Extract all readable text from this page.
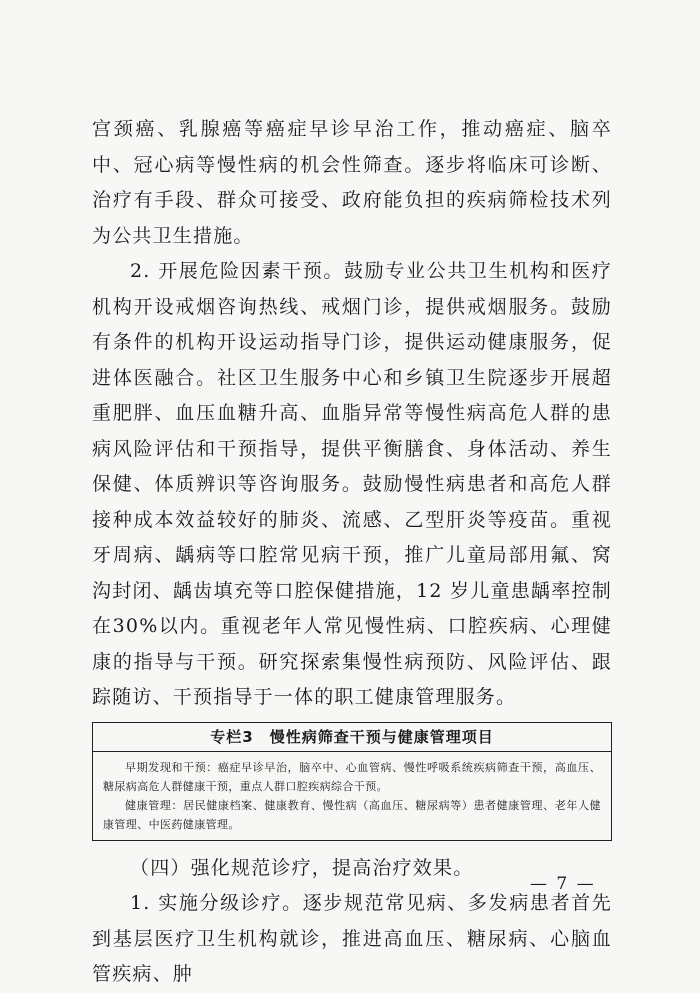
宫颈癌、乳腺癌等癌症早诊早治工作，推动癌症、脑卒中、冠心病等慢性病的机会性筛查。逐步将临床可诊断、治疗有手段、群众可接受、政府能负担的疾病筛检技术列为公共卫生措施。

2. 开展危险因素干预。鼓励专业公共卫生机构和医疗机构开设戒烟咨询热线、戒烟门诊，提供戒烟服务。鼓励有条件的机构开设运动指导门诊，提供运动健康服务，促进体医融合。社区卫生服务中心和乡镇卫生院逐步开展超重肥胖、血压血糖升高、血脂异常等慢性病高危人群的患病风险评估和干预指导，提供平衡膳食、身体活动、养生保健、体质辨识等咨询服务。鼓励慢性病患者和高危人群接种成本效益较好的肺炎、流感、乙型肝炎等疫苗。重视牙周病、龋病等口腔常见病干预，推广儿童局部用氟、窝沟封闭、龋齿填充等口腔保健措施，12 岁儿童患龋率控制在30%以内。重视老年人常见慢性病、口腔疾病、心理健康的指导与干预。研究探索集慢性病预防、风险评估、跟踪随访、干预指导于一体的职工健康管理服务。

专栏3　慢性病筛查干预与健康管理项目

早期发现和干预：癌症早诊早治，脑卒中、心血管病、慢性呼吸系统疾病筛查干预，高血压、糖尿病高危人群健康干预，重点人群口腔疾病综合干预。

健康管理：居民健康档案、健康教育、慢性病（高血压、糖尿病等）患者健康管理、老年人健康管理、中医药健康管理。

（四）强化规范诊疗，提高治疗效果。

1. 实施分级诊疗。逐步规范常见病、多发病患者首先到基层医疗卫生机构就诊，推进高血压、糖尿病、心脑血管疾病、肿

— 7 —
